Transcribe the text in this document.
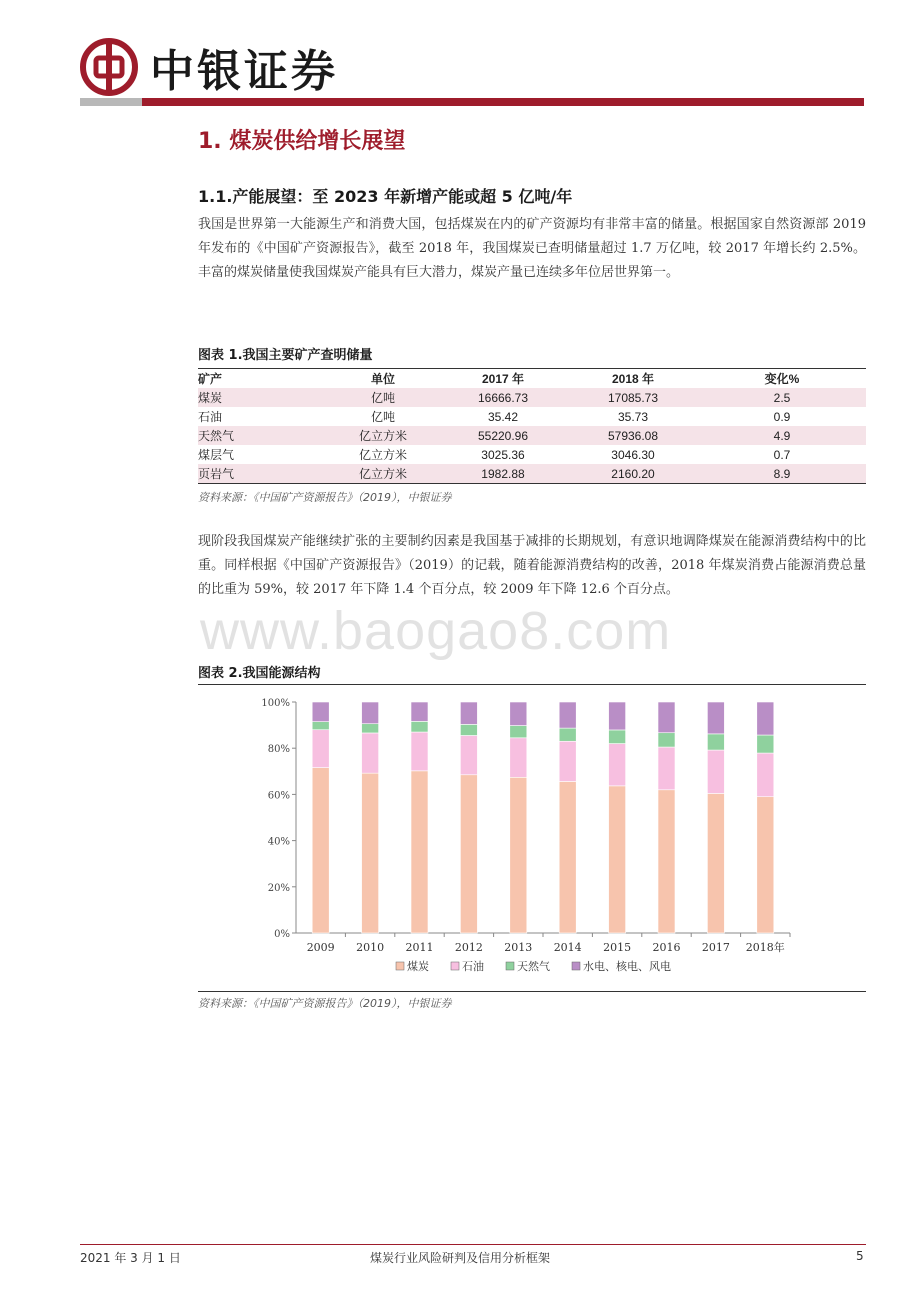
中银证券
1. 煤炭供给增长展望
1.1.产能展望：至 2023 年新增产能或超 5 亿吨/年
我国是世界第一大能源生产和消费大国，包括煤炭在内的矿产资源均有非常丰富的储量。根据国家自然资源部 2019 年发布的《中国矿产资源报告》，截至 2018 年，我国煤炭已查明储量超过 1.7 万亿吨，较 2017 年增长约 2.5%。丰富的煤炭储量使我国煤炭产能具有巨大潜力，煤炭产量已连续多年位居世界第一。
图表 1.我国主要矿产查明储量
矿产	单位	2017 年	2018 年	变化%
煤炭	亿吨	16666.73	17085.73	2.5
石油	亿吨	35.42	35.73	0.9
天然气	亿立方米	55220.96	57936.08	4.9
煤层气	亿立方米	3025.36	3046.30	0.7
页岩气	亿立方米	1982.88	2160.20	8.9
资料来源：《中国矿产资源报告》（2019），中银证券
现阶段我国煤炭产能继续扩张的主要制约因素是我国基于减排的长期规划，有意识地调降煤炭在能源消费结构中的比重。同样根据《中国矿产资源报告》（2019）的记载，随着能源消费结构的改善，2018 年煤炭消费占能源消费总量的比重为 59%，较 2017 年下降 1.4 个百分点，较 2009 年下降 12.6 个百分点。
www.baogao8.com
图表 2.我国能源结构
0%
20%
40%
60%
80%
100%
2009 2010 2011 2012 2013 2014 2015 2016 2017 2018年
煤炭	石油	天然气	水电、核电、风电
资料来源：《中国矿产资源报告》（2019），中银证券
2021 年 3 月 1 日	煤炭行业风险研判及信用分析框架	5
